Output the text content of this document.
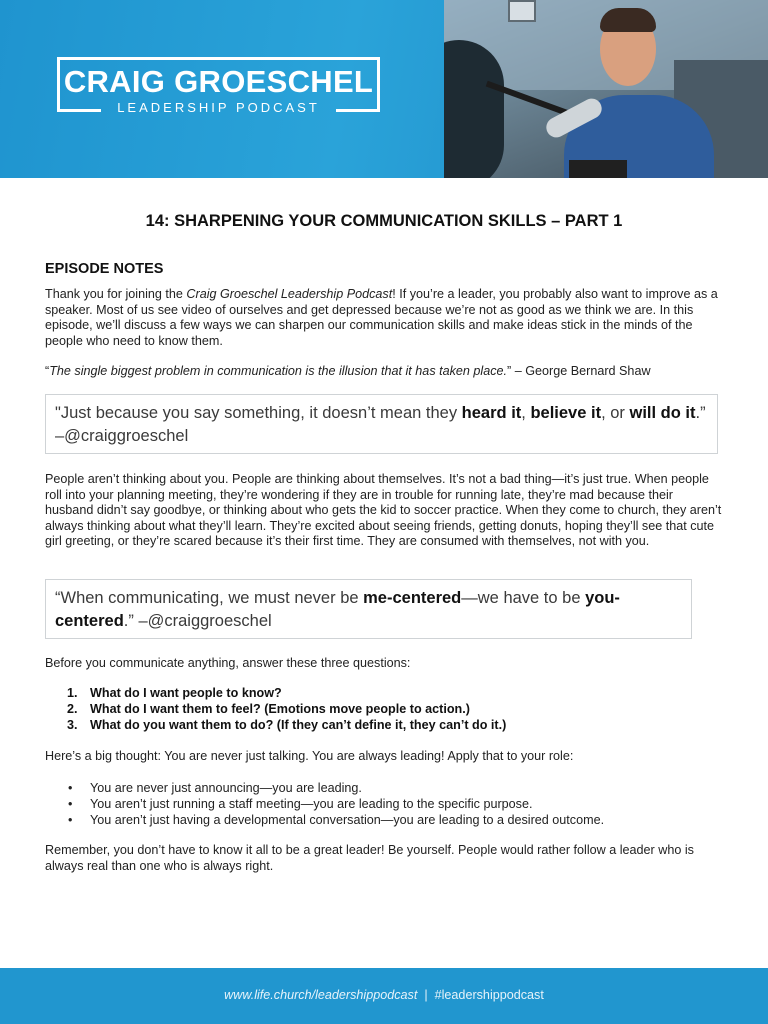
CRAIG GROESCHEL
LEADERSHIP PODCAST
14: SHARPENING YOUR COMMUNICATION SKILLS – PART 1
EPISODE NOTES
Thank you for joining the Craig Groeschel Leadership Podcast! If you’re a leader, you probably also want to improve as a speaker. Most of us see video of ourselves and get depressed because we’re not as good as we think we are. In this episode, we’ll discuss a few ways we can sharpen our communication skills and make ideas stick in the minds of the people who need to know them.
“The single biggest problem in communication is the illusion that it has taken place.” – George Bernard Shaw
"Just because you say something, it doesn’t mean they heard it, believe it, or will do it.” –@craiggroeschel
People aren’t thinking about you. People are thinking about themselves. It’s not a bad thing—it’s just true. When people roll into your planning meeting, they’re wondering if they are in trouble for running late, they’re mad because their husband didn’t say goodbye, or thinking about who gets the kid to soccer practice. When they come to church, they aren’t always thinking about what they’ll learn. They’re excited about seeing friends, getting donuts, hoping they’ll see that cute girl greeting, or they’re scared because it’s their first time. They are consumed with themselves, not with you.
“When communicating, we must never be me-centered—we have to be you-centered.” –@craiggroeschel
Before you communicate anything, answer these three questions:
1. What do I want people to know?
2. What do I want them to feel? (Emotions move people to action.)
3. What do you want them to do? (If they can’t define it, they can’t do it.)
Here’s a big thought: You are never just talking. You are always leading! Apply that to your role:
• You are never just announcing—you are leading.
• You aren’t just running a staff meeting—you are leading to the specific purpose.
• You aren’t just having a developmental conversation—you are leading to a desired outcome.
Remember, you don’t have to know it all to be a great leader! Be yourself. People would rather follow a leader who is always real than one who is always right.
www.life.church/leadershippodcast  |  #leadershippodcast
